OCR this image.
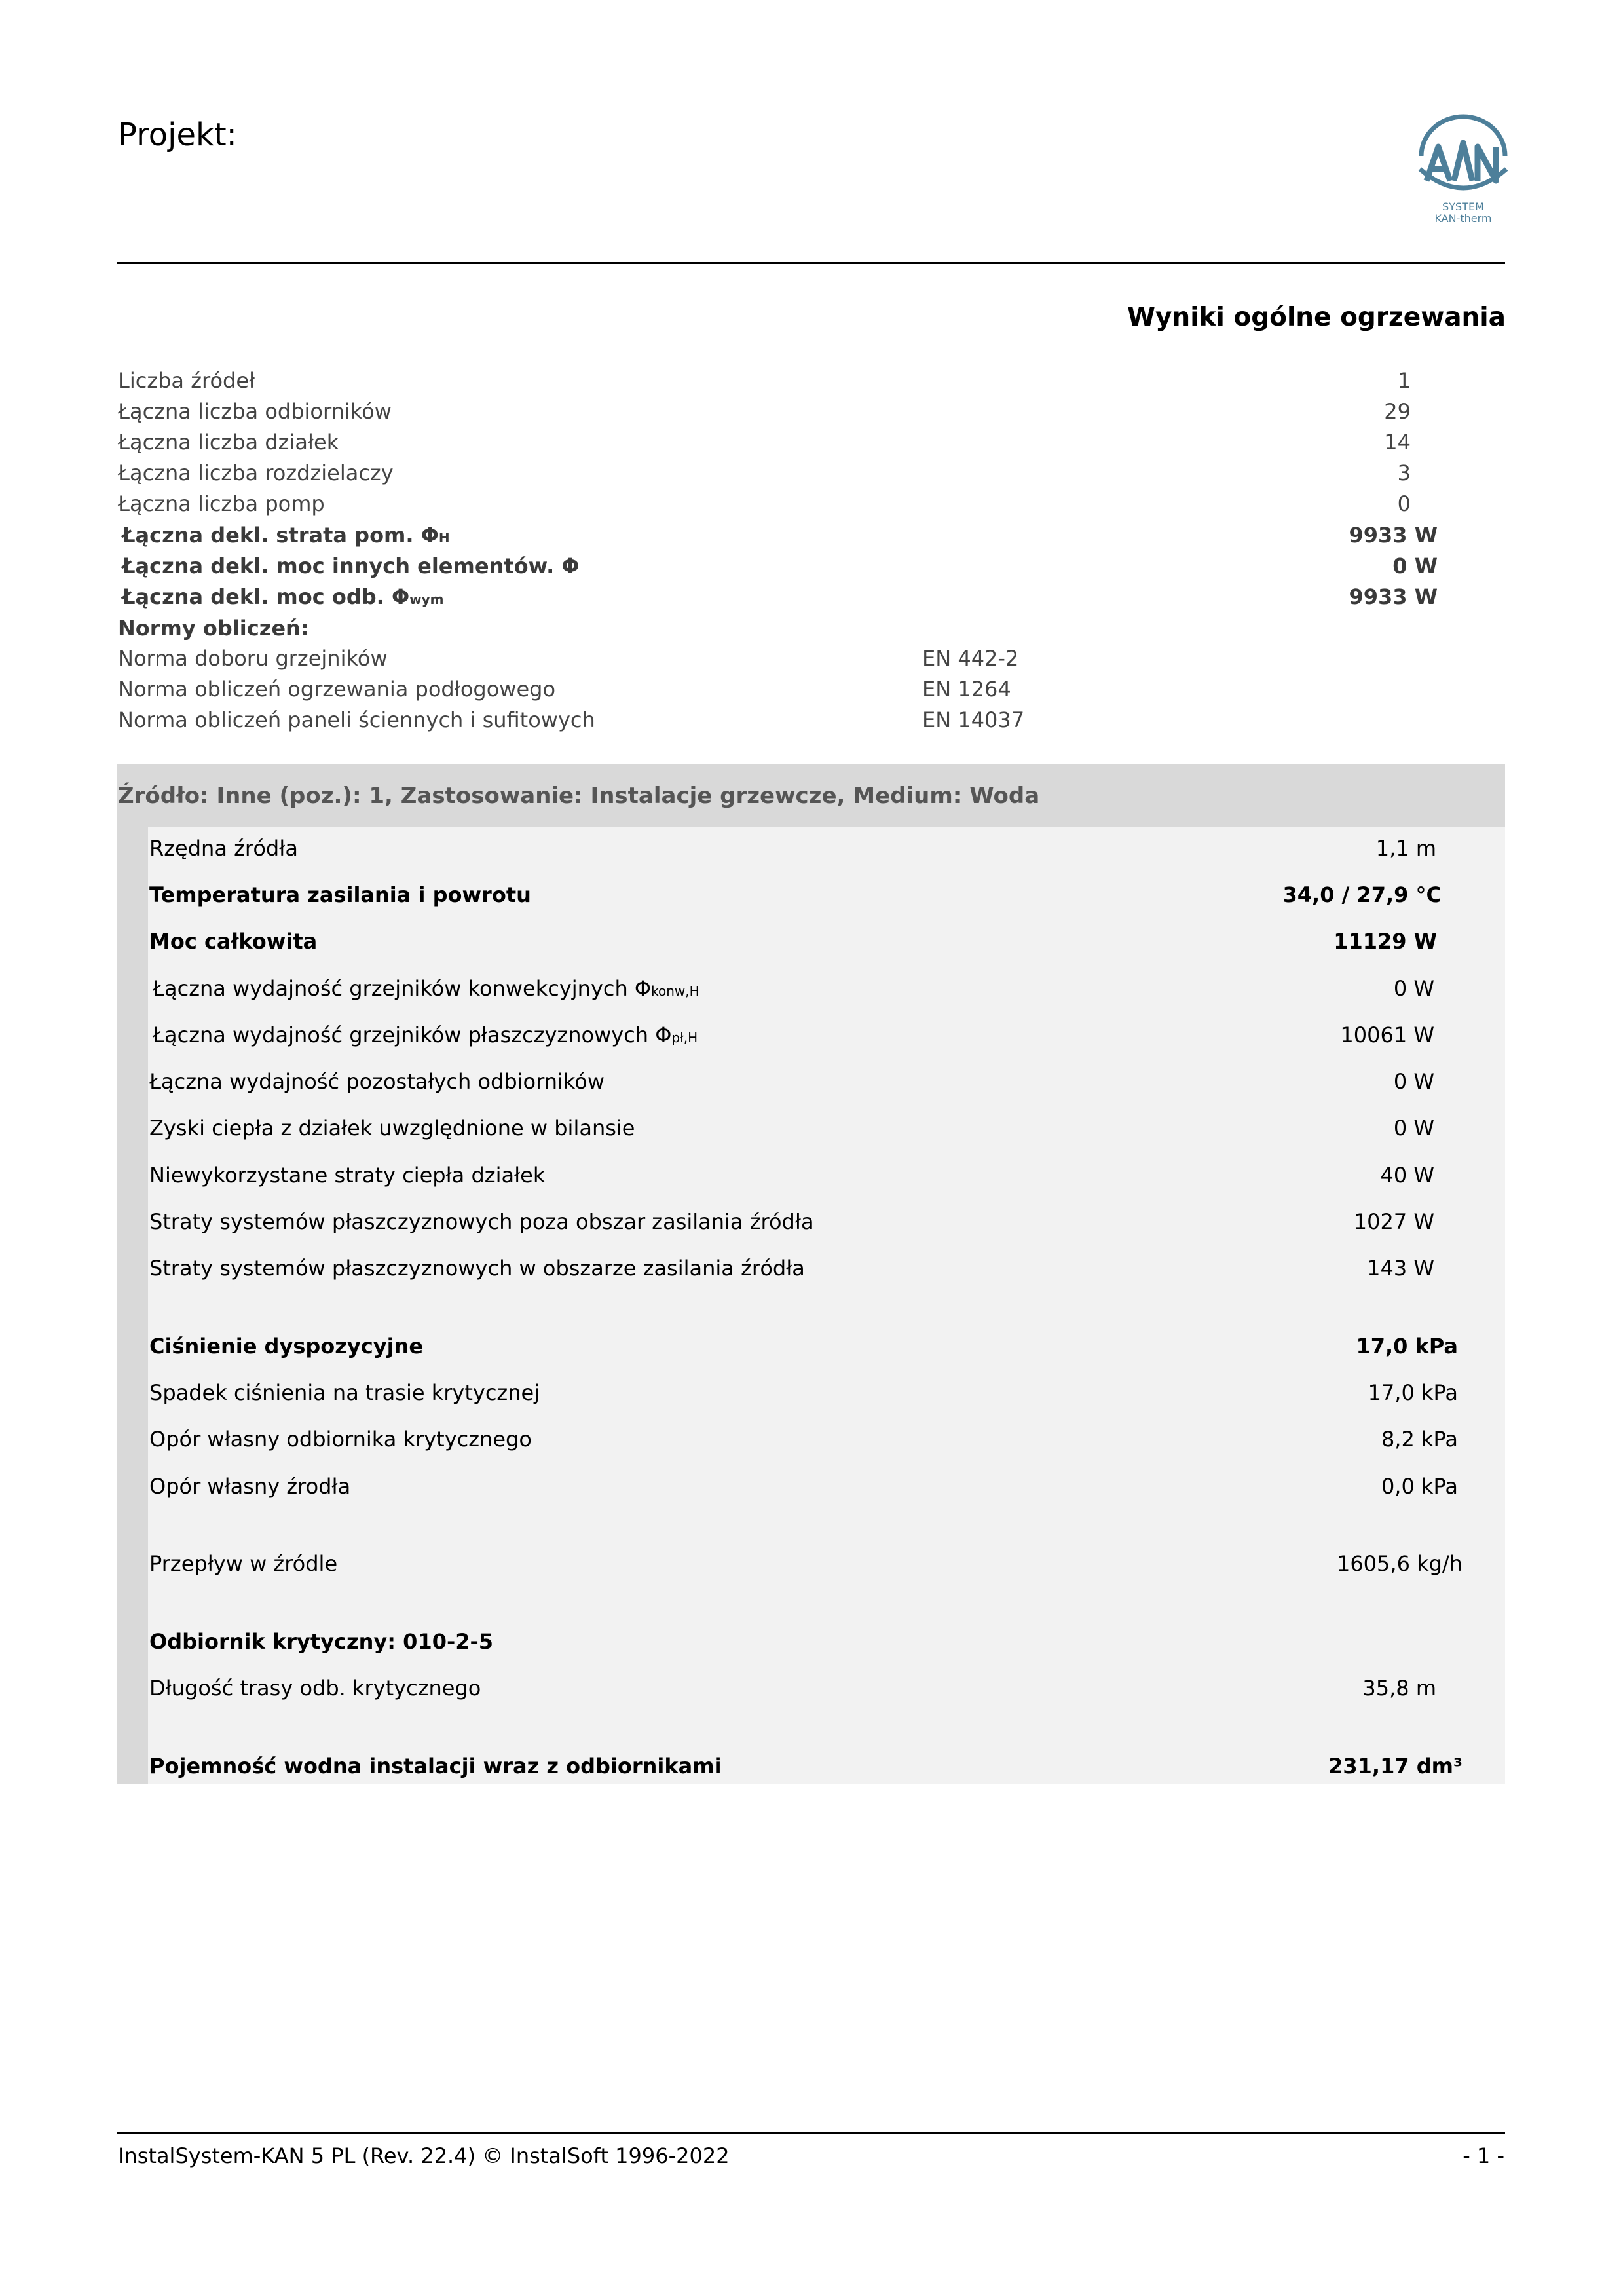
Projekt:
SYSTEM
KAN-therm
Wyniki ogólne ogrzewania
Liczba źródeł	1
Łączna liczba odbiorników	29
Łączna liczba działek	14
Łączna liczba rozdzielaczy	3
Łączna liczba pomp	0
Łączna dekl. strata pom. ΦH	9933 W
Łączna dekl. moc innych elementów. Φ	0 W
Łączna dekl. moc odb. Φwym	9933 W
Normy obliczeń:
Norma doboru grzejników	EN 442-2
Norma obliczeń ogrzewania podłogowego	EN 1264
Norma obliczeń paneli ściennych i sufitowych	EN 14037
Źródło: Inne (poz.): 1, Zastosowanie: Instalacje grzewcze, Medium: Woda
Rzędna źródła	1,1 m
Temperatura zasilania i powrotu	34,0 / 27,9 °C
Moc całkowita	11129 W
Łączna wydajność grzejników konwekcyjnych Φkonw,H	0 W
Łączna wydajność grzejników płaszczyznowych Φpł,H	10061 W
Łączna wydajność pozostałych odbiorników	0 W
Zyski ciepła z działek uwzględnione w bilansie	0 W
Niewykorzystane straty ciepła działek	40 W
Straty systemów płaszczyznowych poza obszar zasilania źródła	1027 W
Straty systemów płaszczyznowych w obszarze zasilania źródła	143 W
Ciśnienie dyspozycyjne	17,0 kPa
Spadek ciśnienia na trasie krytycznej	17,0 kPa
Opór własny odbiornika krytycznego	8,2 kPa
Opór własny źrodła	0,0 kPa
Przepływ w źródle	1605,6 kg/h
Odbiornik krytyczny: 010-2-5
Długość trasy odb. krytycznego	35,8 m
Pojemność wodna instalacji wraz z odbiornikami	231,17 dm³
InstalSystem-KAN 5 PL (Rev. 22.4) © InstalSoft 1996-2022	- 1 -
